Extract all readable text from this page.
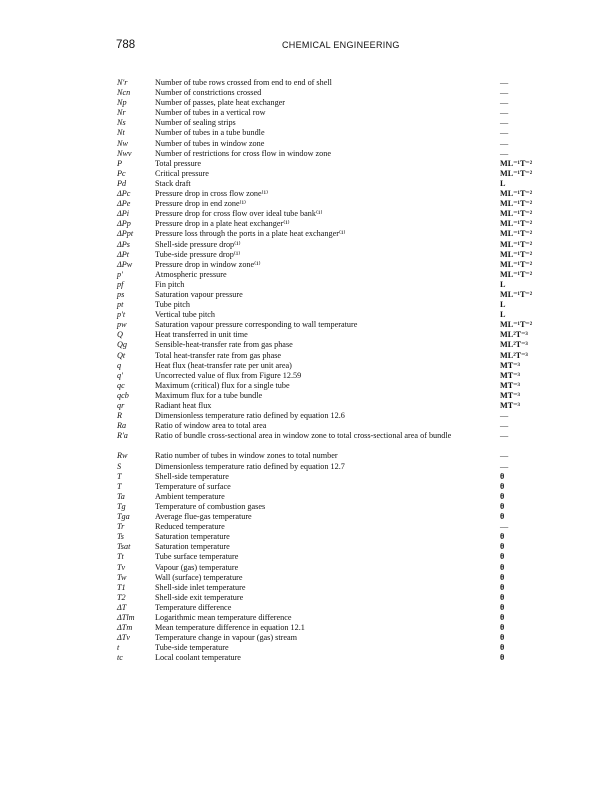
788	CHEMICAL ENGINEERING
N′r	Number of tube rows crossed from end to end of shell	—
Ncn	Number of constrictions crossed	—
Np	Number of passes, plate heat exchanger	—
Nr	Number of tubes in a vertical row	—
Ns	Number of sealing strips	—
Nt	Number of tubes in a tube bundle	—
Nw	Number of tubes in window zone	—
Nwv	Number of restrictions for cross flow in window zone	—
P	Total pressure	ML⁻¹T⁻²
Pc	Critical pressure	ML⁻¹T⁻²
Pd	Stack draft	L
ΔPc	Pressure drop in cross flow zone⁽¹⁾	ML⁻¹T⁻²
ΔPe	Pressure drop in end zone⁽¹⁾	ML⁻¹T⁻²
ΔPi	Pressure drop for cross flow over ideal tube bank⁽¹⁾	ML⁻¹T⁻²
ΔPp	Pressure drop in a plate heat exchanger⁽¹⁾	ML⁻¹T⁻²
ΔPpt	Pressure loss through the ports in a plate heat exchanger⁽¹⁾	ML⁻¹T⁻²
ΔPs	Shell-side pressure drop⁽¹⁾	ML⁻¹T⁻²
ΔPt	Tube-side pressure drop⁽¹⁾	ML⁻¹T⁻²
ΔPw	Pressure drop in window zone⁽¹⁾	ML⁻¹T⁻²
p′	Atmospheric pressure	ML⁻¹T⁻²
pf	Fin pitch	L
ps	Saturation vapour pressure	ML⁻¹T⁻²
pt	Tube pitch	L
p′t	Vertical tube pitch	L
pw	Saturation vapour pressure corresponding to wall temperature	ML⁻¹T⁻²
Q	Heat transferred in unit time	ML²T⁻³
Qg	Sensible-heat-transfer rate from gas phase	ML²T⁻³
Qt	Total heat-transfer rate from gas phase	ML²T⁻³
q	Heat flux (heat-transfer rate per unit area)	MT⁻³
q′	Uncorrected value of flux from Figure 12.59	MT⁻³
qc	Maximum (critical) flux for a single tube	MT⁻³
qcb	Maximum flux for a tube bundle	MT⁻³
qr	Radiant heat flux	MT⁻³
R	Dimensionless temperature ratio defined by equation 12.6	—
Ra	Ratio of window area to total area	—
R′a	Ratio of bundle cross-sectional area in window zone to total cross-sectional area of bundle	—
Rw	Ratio number of tubes in window zones to total number	—
S	Dimensionless temperature ratio defined by equation 12.7	—
T	Shell-side temperature	θ
T	Temperature of surface	θ
Ta	Ambient temperature	θ
Tg	Temperature of combustion gases	θ
Tga	Average flue-gas temperature	θ
Tr	Reduced temperature	—
Ts	Saturation temperature	θ
Tsat	Saturation temperature	θ
Tt	Tube surface temperature	θ
Tv	Vapour (gas) temperature	θ
Tw	Wall (surface) temperature	θ
T1	Shell-side inlet temperature	θ
T2	Shell-side exit temperature	θ
ΔT	Temperature difference	θ
ΔTlm Logarithmic mean temperature difference	θ
ΔTm	Mean temperature difference in equation 12.1	θ
ΔTv	Temperature change in vapour (gas) stream	θ
t	Tube-side temperature	θ
tc	Local coolant temperature	θ
